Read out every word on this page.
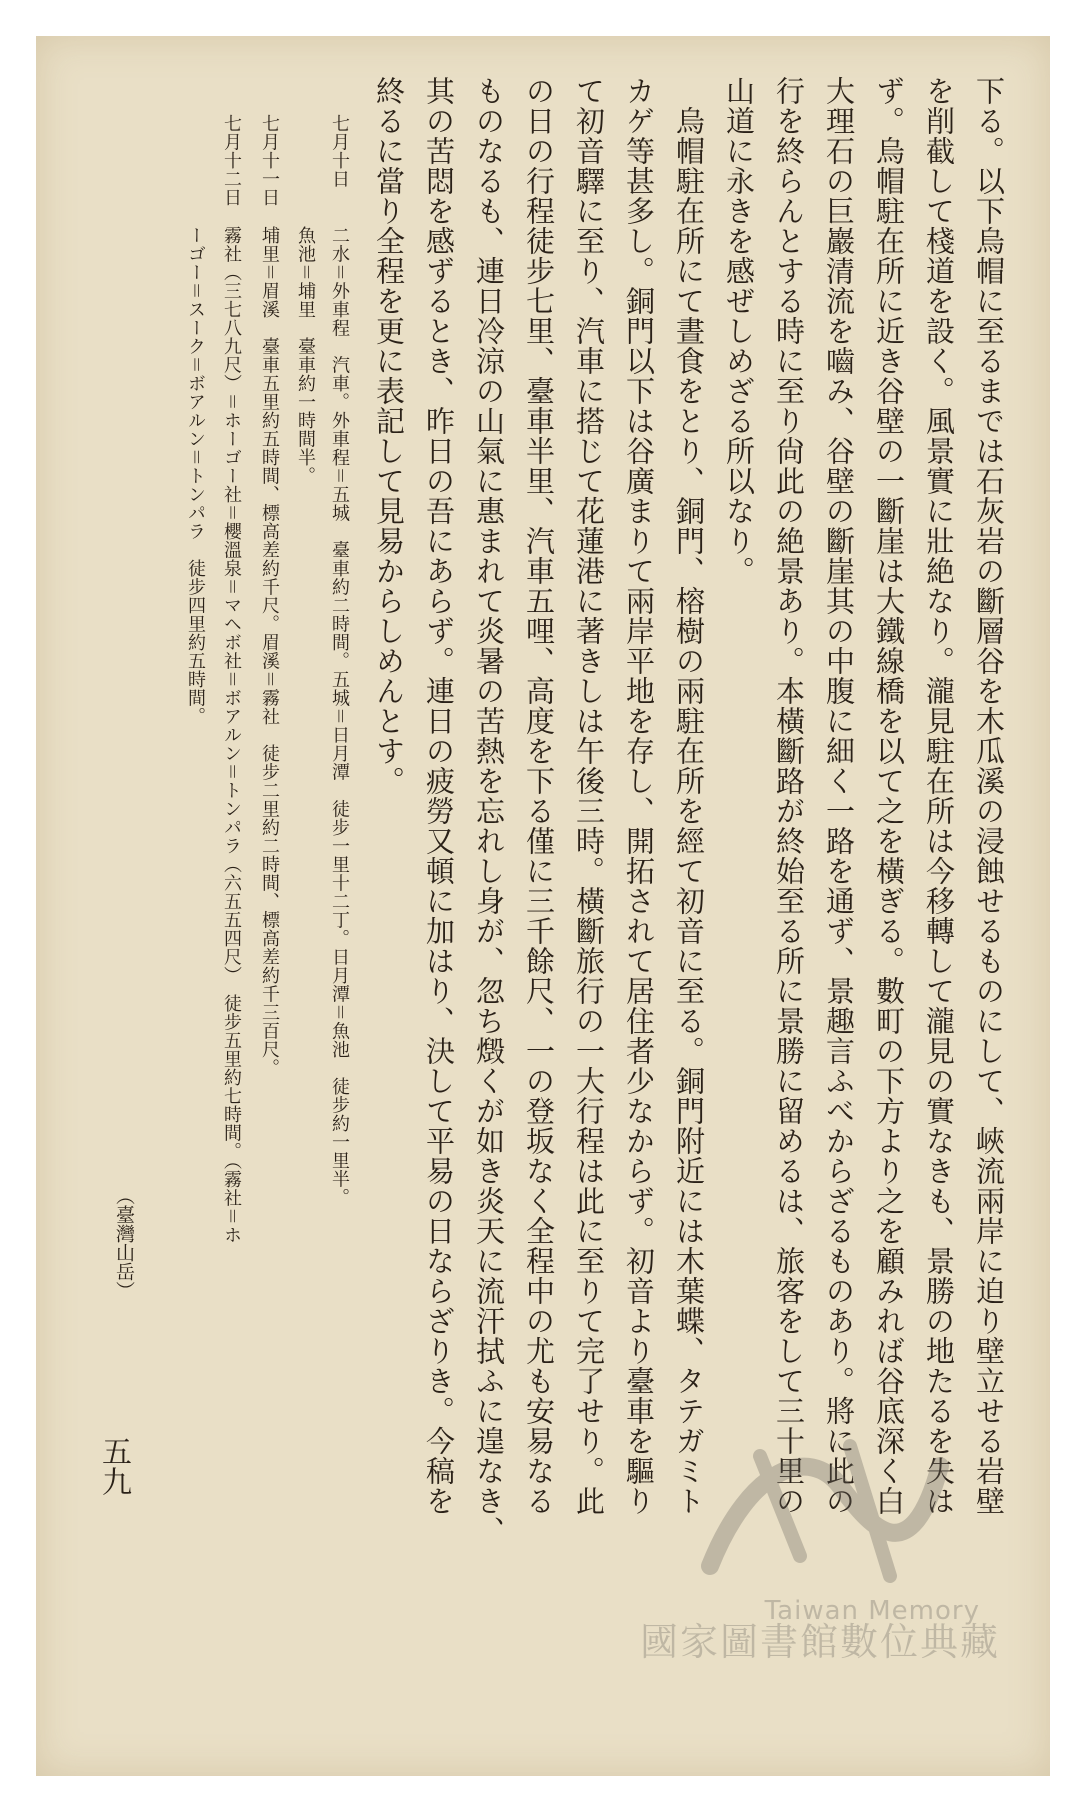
下る。以下烏帽に至るまでは石灰岩の斷層谷を木瓜溪の浸蝕せるものにして、峽流兩岸に迫り壁立せる岩壁
を削截して棧道を設く。風景實に壯絶なり。瀧見駐在所は今移轉して瀧見の實なきも、景勝の地たるを失は
ず。烏帽駐在所に近き谷壁の一斷崖は大鐵線橋を以て之を橫ぎる。數町の下方より之を顧みれば谷底深く白
大理石の巨巖清流を嚙み、谷壁の斷崖其の中腹に細く一路を通ず、景趣言ふべからざるものあり。將に此の
行を終らんとする時に至り尙此の絶景あり。本橫斷路が終始至る所に景勝に留めるは、旅客をして三十里の
山道に永きを感ぜしめざる所以なり。
　烏帽駐在所にて晝食をとり、銅門、榕樹の兩駐在所を經て初音に至る。銅門附近には木葉蝶、タテガミト
カゲ等甚多し。銅門以下は谷廣まりて兩岸平地を存し、開拓されて居住者少なからず。初音より臺車を驅り
て初音驛に至り、汽車に搭じて花蓮港に著きしは午後三時。橫斷旅行の一大行程は此に至りて完了せり。此
の日の行程徒步七里、臺車半里、汽車五哩、高度を下る僅に三千餘尺、一の登坂なく全程中の尤も安易なる
ものなるも、連日冷涼の山氣に惠まれて炎暑の苦熱を忘れし身が、忽ち燬くが如き炎天に流汗拭ふに遑なき、
其の苦悶を感ずるとき、昨日の吾にあらず。連日の疲勞又頓に加はり、決して平易の日ならざりき。今稿を
終るに當り全程を更に表記して見易からしめんとす。
七月十日
二水＝外車程　汽車。外車程＝五城　臺車約二時間。五城＝日月潭　徒步一里十二丁。日月潭＝魚池　徒步約一里半。
魚池＝埔里　臺車約一時間半。
七月十一日
埔里＝眉溪　臺車五里約五時間、標高差約千尺。眉溪＝霧社　徒步二里約二時間、標高差約千三百尺。
七月十二日
霧社（三七八九尺）＝ホーゴー社＝櫻溫泉＝マヘボ社＝ボアルン＝トンパラ（六五五四尺）　徒步五里約七時間。（霧社＝ホ
ーゴー＝スーク＝ボアルン＝トンパラ　徒步四里約五時間。
（臺灣山岳）
五九
Taiwan Memory
國家圖書館數位典藏
